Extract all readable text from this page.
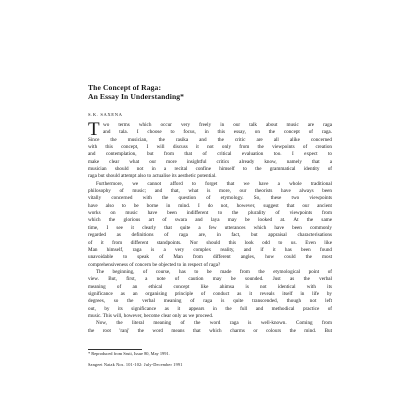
The Concept of Raga:
An Essay In Understanding*
S.K. SAXENA
T wo terms which occur very freely in our talk about music are raga
and tala. I choose to focus, in this essay, on the concept of raga.
Since the musician, the rasika and the critic are all alike concerned
with this concept, I will discuss it not only from the viewpoints of creation
and contemplation, but from that of critical evaluation too. I expect to
make clear what our more insightful critics already know, namely that a
musician should not in a recital confine himself to the grammatical identity of
raga but should attempt also to actualise its aesthetic potential.
Furthermore, we cannot afford to forget that we have a whole traditional
philosophy of music; and that, what is more, our theorists have always been
vitally concerned with the question of etymology. So, these two viewpoints
have also to be borne in mind. I do not, however, suggest that our ancient
works on music have been indifferent to the plurality of viewpoints from
which the glorious art of swara and laya may be looked at. At the same
time, I see it clearly that quite a few utterances which have been commonly
regarded as definitions of raga are, in fact, but appraisal characterisations
of it from different standpoints. Nor should this look odd to us. Even like
Man himself, raga is a very complex reality, and if it has been found
unavoidable to speak of Man from different angles, how could the most
comprehensiveness of concern be objected to in respect of raga?
The beginning, of course, has to be made from the etymological point of
view. But, first, a note of caution may be sounded. Just as the verbal
meaning of an ethical concept like ahimsa is not identical with its
significance as an organising principle of conduct as it reveals itself in life by
degrees, so the verbal meaning of raga is quite transcended, though not left
out, by its significance as it appears in the full and methodical practice of
music. This will, however, become clear only as we proceed.
Now, the literal meaning of the word raga is well-known. Coming from
the root 'ranj' the word means that which charms or colours the mind. But
* Reproduced from Sruti, Issue 80, May 1991.
Sangeet Natak Nos. 101-102: July-December 1991
